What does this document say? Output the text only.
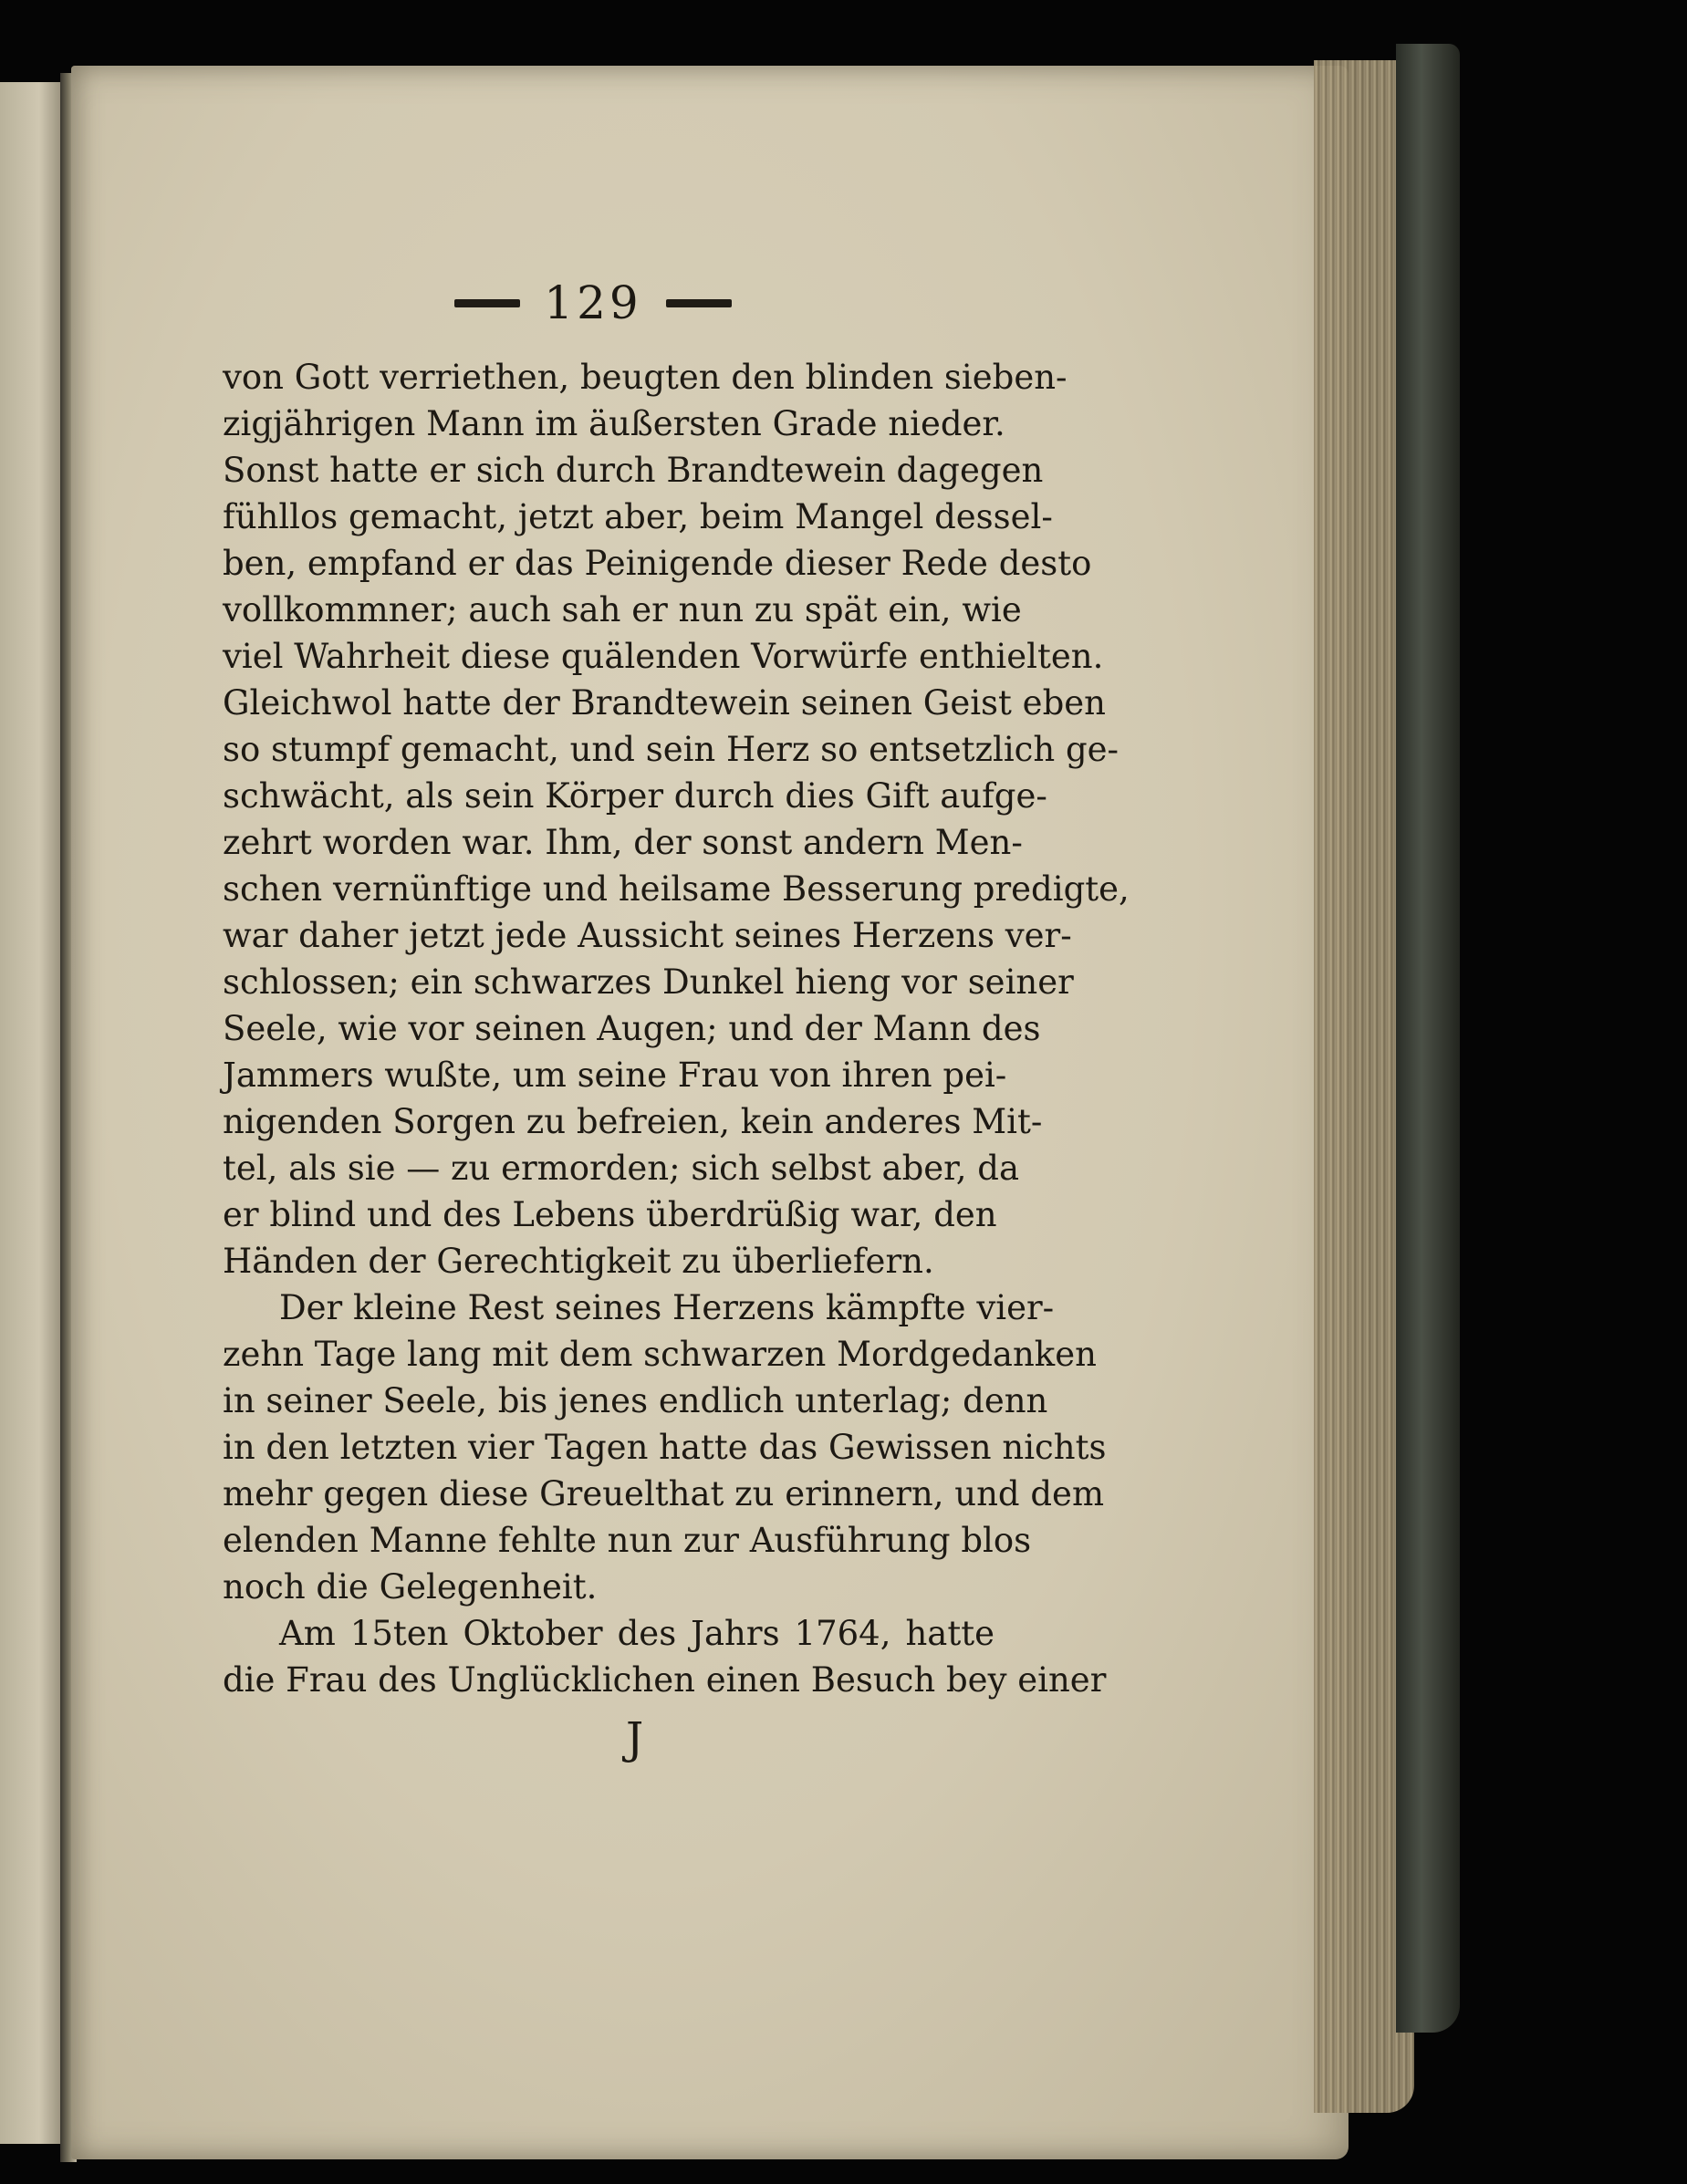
129
von Gott verriethen, beugten den blinden sieben-
zigjährigen Mann im äußersten Grade nieder.
Sonst hatte er sich durch Brandtewein dagegen
fühllos gemacht, jetzt aber, beim Mangel dessel-
ben, empfand er das Peinigende dieser Rede desto
vollkommner; auch sah er nun zu spät ein, wie
viel Wahrheit diese quälenden Vorwürfe enthielten.
Gleichwol hatte der Brandtewein seinen Geist eben
so stumpf gemacht, und sein Herz so entsetzlich ge-
schwächt, als sein Körper durch dies Gift aufge-
zehrt worden war. Ihm, der sonst andern Men-
schen vernünftige und heilsame Besserung predigte,
war daher jetzt jede Aussicht seines Herzens ver-
schlossen; ein schwarzes Dunkel hieng vor seiner
Seele, wie vor seinen Augen; und der Mann des
Jammers wußte, um seine Frau von ihren pei-
nigenden Sorgen zu befreien, kein anderes Mit-
tel, als sie — zu ermorden; sich selbst aber, da
er blind und des Lebens überdrüßig war, den
Händen der Gerechtigkeit zu überliefern.
Der kleine Rest seines Herzens kämpfte vier-
zehn Tage lang mit dem schwarzen Mordgedanken
in seiner Seele, bis jenes endlich unterlag; denn
in den letzten vier Tagen hatte das Gewissen nichts
mehr gegen diese Greuelthat zu erinnern, und dem
elenden Manne fehlte nun zur Ausführung blos
noch die Gelegenheit.
Am 15ten Oktober des Jahrs 1764, hatte
die Frau des Unglücklichen einen Besuch bey einer
J
